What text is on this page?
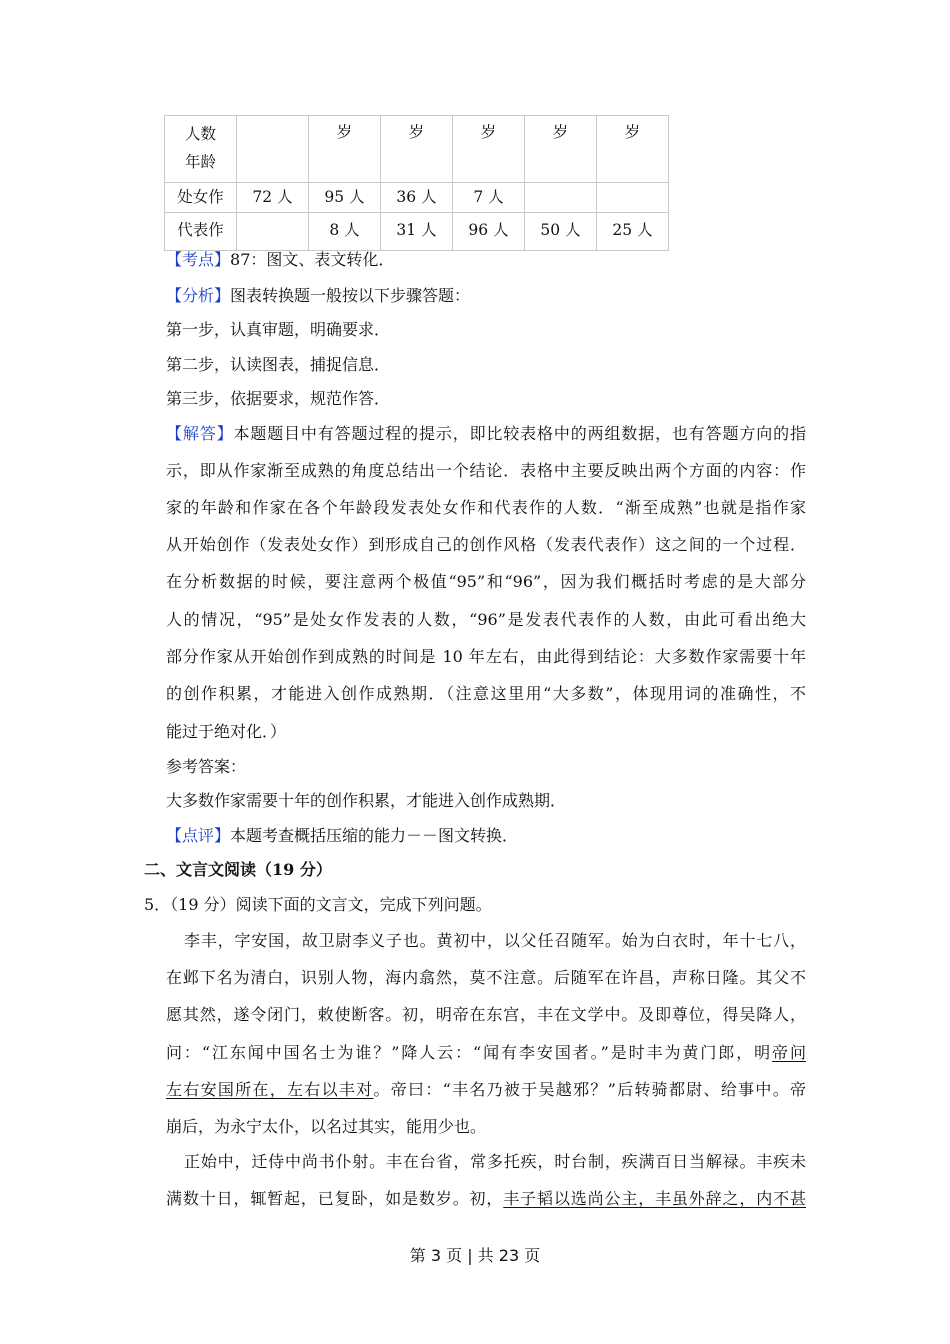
人数
年龄		岁	岁	岁	岁	岁
处女作	72 人	95 人	36 人	7 人		
代表作		8 人	31 人	96 人	50 人	25 人
【考点】87：图文、表文转化．
【分析】图表转换题一般按以下步骤答题：
第一步，认真审题，明确要求．
第二步，认读图表，捕捉信息．
第三步，依据要求，规范作答．
【解答】本题题目中有答题过程的提示，即比较表格中的两组数据，也有答题方向的指
示，即从作家渐至成熟的角度总结出一个结论．表格中主要反映出两个方面的内容：作
家的年龄和作家在各个年龄段发表处女作和代表作的人数．“渐至成熟”也就是指作家
从开始创作（发表处女作）到形成自己的创作风格（发表代表作）这之间的一个过程．
在分析数据的时候，要注意两个极值“95”和“96”，因为我们概括时考虑的是大部分
人的情况，“95”是处女作发表的人数，“96”是发表代表作的人数，由此可看出绝大
部分作家从开始创作到成熟的时间是 10 年左右，由此得到结论：大多数作家需要十年
的创作积累，才能进入创作成熟期．（注意这里用“大多数”，体现用词的准确性，不
能过于绝对化．）
参考答案：
大多数作家需要十年的创作积累，才能进入创作成熟期．
【点评】本题考查概括压缩的能力－－图文转换．
二、文言文阅读（19 分）
5．（19 分）阅读下面的文言文，完成下列问题。
李丰，字安国，故卫尉李义子也。黄初中，以父任召随军。始为白衣时，年十七八，
在邺下名为清白，识别人物，海内翕然，莫不注意。后随军在许昌，声称日隆。其父不
愿其然，遂令闭门，敕使断客。初，明帝在东宫，丰在文学中。及即尊位，得吴降人，
问：“江东闻中国名士为谁？”降人云：“闻有李安国者。”是时丰为黄门郎，明帝问
左右安国所在，左右以丰对。帝曰：“丰名乃被于吴越邪？”后转骑都尉、给事中。帝
崩后，为永宁太仆，以名过其实，能用少也。
正始中，迁侍中尚书仆射。丰在台省，常多托疾，时台制，疾满百日当解禄。丰疾未
满数十日，辄暂起，已复卧，如是数岁。初，丰子韬以选尚公主，丰虽外辞之，内不甚
第 3 页 | 共 23 页
